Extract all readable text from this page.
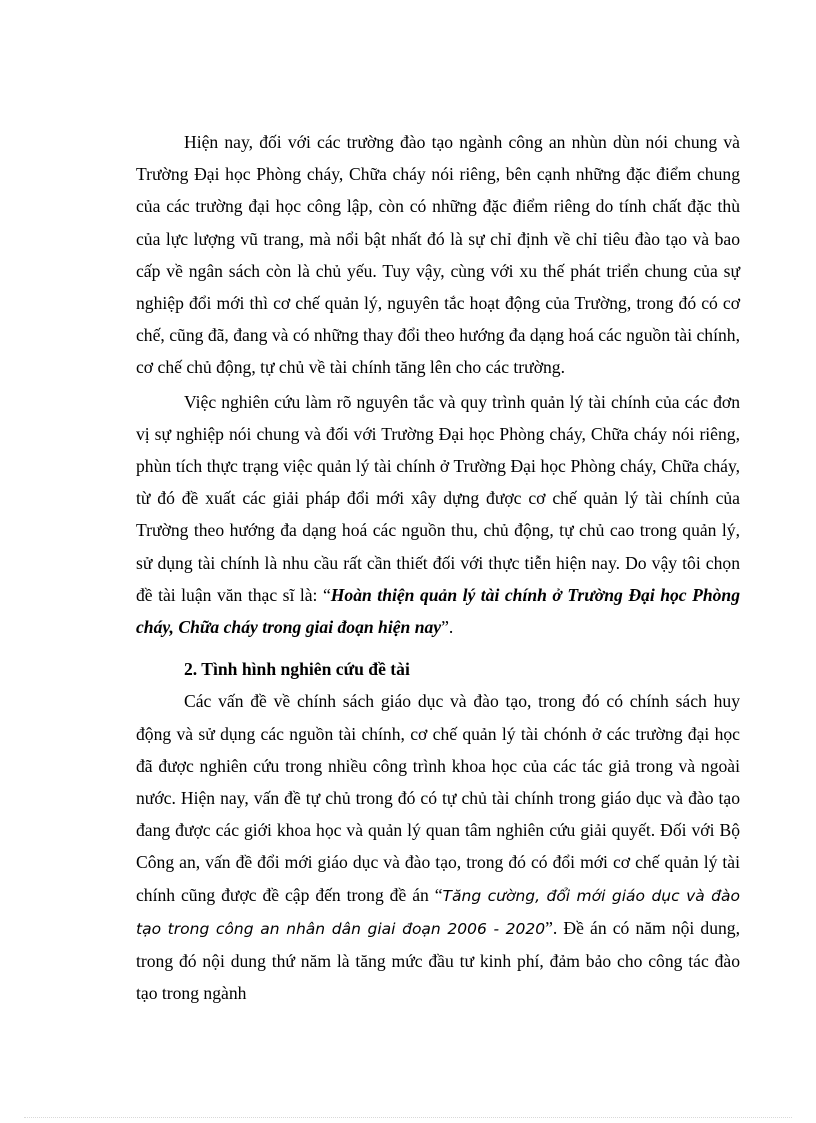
Hiện nay, đối với các trường đào tạo ngành công an nhùn dùn nói chung và Trường Đại học Phòng cháy, Chữa cháy nói riêng, bên cạnh những đặc điểm chung của các trường đại học công lập, còn có những đặc điểm riêng do tính chất đặc thù của lực lượng vũ trang, mà nổi bật nhất đó là sự chỉ định về chỉ tiêu đào tạo và bao cấp về ngân sách còn là chủ yếu. Tuy vậy, cùng với xu thế phát triển chung của sự nghiệp đổi mới thì cơ chế quản lý, nguyên tắc hoạt động của Trường, trong đó có cơ chế, cũng đã, đang và có những thay đổi theo hướng đa dạng hoá các nguồn tài chính, cơ chế chủ động, tự chủ về tài chính tăng lên cho các trường.

Việc nghiên cứu làm rõ nguyên tắc và quy trình quản lý tài chính của các đơn vị sự nghiệp nói chung và đối với Trường Đại học Phòng cháy, Chữa cháy nói riêng, phùn tích thực trạng việc quản lý tài chính ở Trường Đại học Phòng cháy, Chữa cháy, từ đó đề xuất các giải pháp đổi mới xây dựng được cơ chế quản lý tài chính của Trường theo hướng đa dạng hoá các nguồn thu, chủ động, tự chủ cao trong quản lý, sử dụng tài chính là nhu cầu rất cần thiết đối với thực tiễn hiện nay. Do vậy tôi chọn đề tài luận văn thạc sĩ là: “Hoàn thiện quản lý tài chính ở Trường Đại học Phòng cháy, Chữa cháy trong giai đoạn hiện nay”.

2. Tình hình nghiên cứu đề tài

Các vấn đề về chính sách giáo dục và đào tạo, trong đó có chính sách huy động và sử dụng các nguồn tài chính, cơ chế quản lý tài chónh ở các trường đại học đã được nghiên cứu trong nhiều công trình khoa học của các tác giả trong và ngoài nước. Hiện nay, vấn đề tự chủ trong đó có tự chủ tài chính trong giáo dục và đào tạo đang được các giới khoa học và quản lý quan tâm nghiên cứu giải quyết. Đối với Bộ Công an, vấn đề đổi mới giáo dục và đào tạo, trong đó có đổi mới cơ chế quản lý tài chính cũng được đề cập đến trong đề án “Tăng cường, đổi mới giáo dục và đào tạo trong công an nhân dân giai đoạn 2006 - 2020”. Đề án có năm nội dung, trong đó nội dung thứ năm là tăng mức đầu tư kinh phí, đảm bảo cho công tác đào tạo trong ngành
